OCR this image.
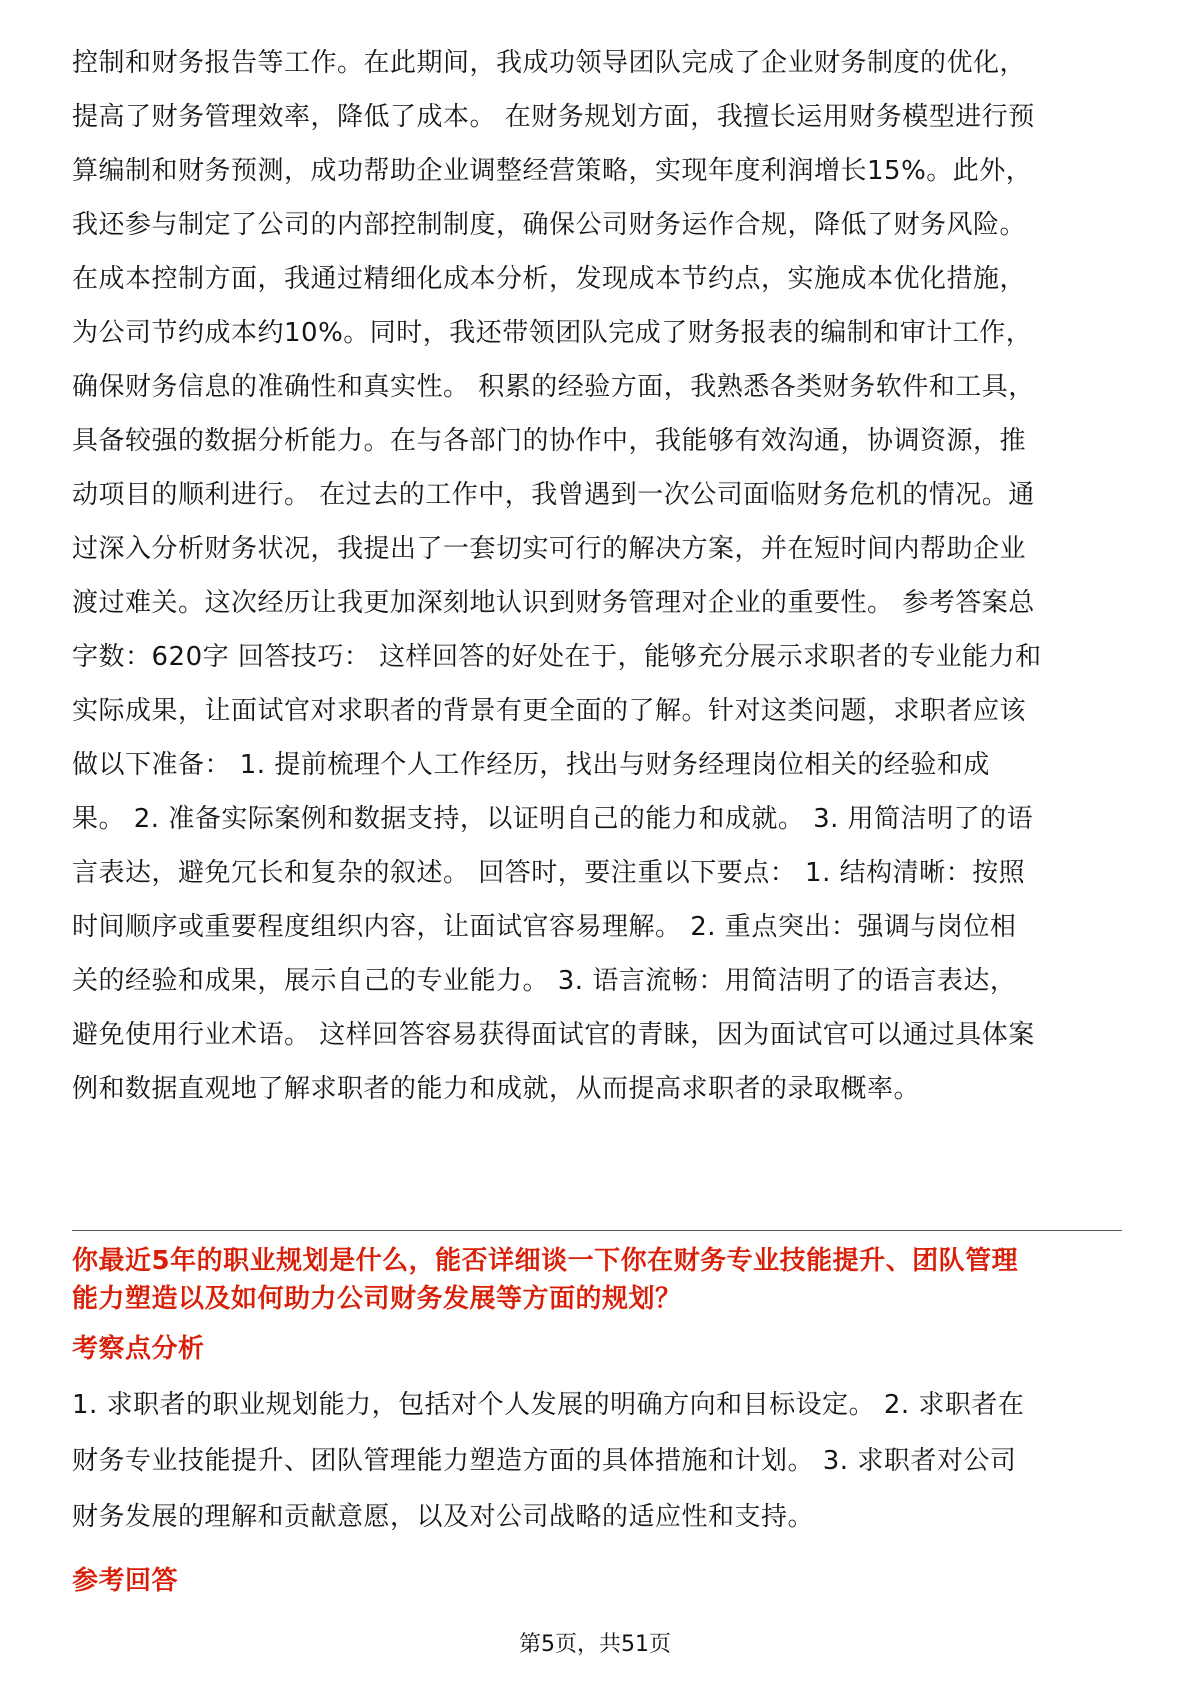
控制和财务报告等工作。在此期间，我成功领导团队完成了企业财务制度的优化，
提高了财务管理效率，降低了成本。 在财务规划方面，我擅长运用财务模型进行预
算编制和财务预测，成功帮助企业调整经营策略，实现年度利润增长15%。此外，
我还参与制定了公司的内部控制制度，确保公司财务运作合规，降低了财务风险。
在成本控制方面，我通过精细化成本分析，发现成本节约点，实施成本优化措施，
为公司节约成本约10%。同时，我还带领团队完成了财务报表的编制和审计工作，
确保财务信息的准确性和真实性。 积累的经验方面，我熟悉各类财务软件和工具，
具备较强的数据分析能力。在与各部门的协作中，我能够有效沟通，协调资源，推
动项目的顺利进行。 在过去的工作中，我曾遇到一次公司面临财务危机的情况。通
过深入分析财务状况，我提出了一套切实可行的解决方案，并在短时间内帮助企业
渡过难关。这次经历让我更加深刻地认识到财务管理对企业的重要性。 参考答案总
字数：620字 回答技巧： 这样回答的好处在于，能够充分展示求职者的专业能力和
实际成果，让面试官对求职者的背景有更全面的了解。针对这类问题，求职者应该
做以下准备： 1. 提前梳理个人工作经历，找出与财务经理岗位相关的经验和成
果。 2. 准备实际案例和数据支持，以证明自己的能力和成就。 3. 用简洁明了的语
言表达，避免冗长和复杂的叙述。 回答时，要注重以下要点： 1. 结构清晰：按照
时间顺序或重要程度组织内容，让面试官容易理解。 2. 重点突出：强调与岗位相
关的经验和成果，展示自己的专业能力。 3. 语言流畅：用简洁明了的语言表达，
避免使用行业术语。 这样回答容易获得面试官的青睐，因为面试官可以通过具体案
例和数据直观地了解求职者的能力和成就，从而提高求职者的录取概率。
你最近5年的职业规划是什么，能否详细谈一下你在财务专业技能提升、团队管理
能力塑造以及如何助力公司财务发展等方面的规划？
考察点分析
1. 求职者的职业规划能力，包括对个人发展的明确方向和目标设定。 2. 求职者在
财务专业技能提升、团队管理能力塑造方面的具体措施和计划。 3. 求职者对公司
财务发展的理解和贡献意愿，以及对公司战略的适应性和支持。
参考回答
第5页，共51页
